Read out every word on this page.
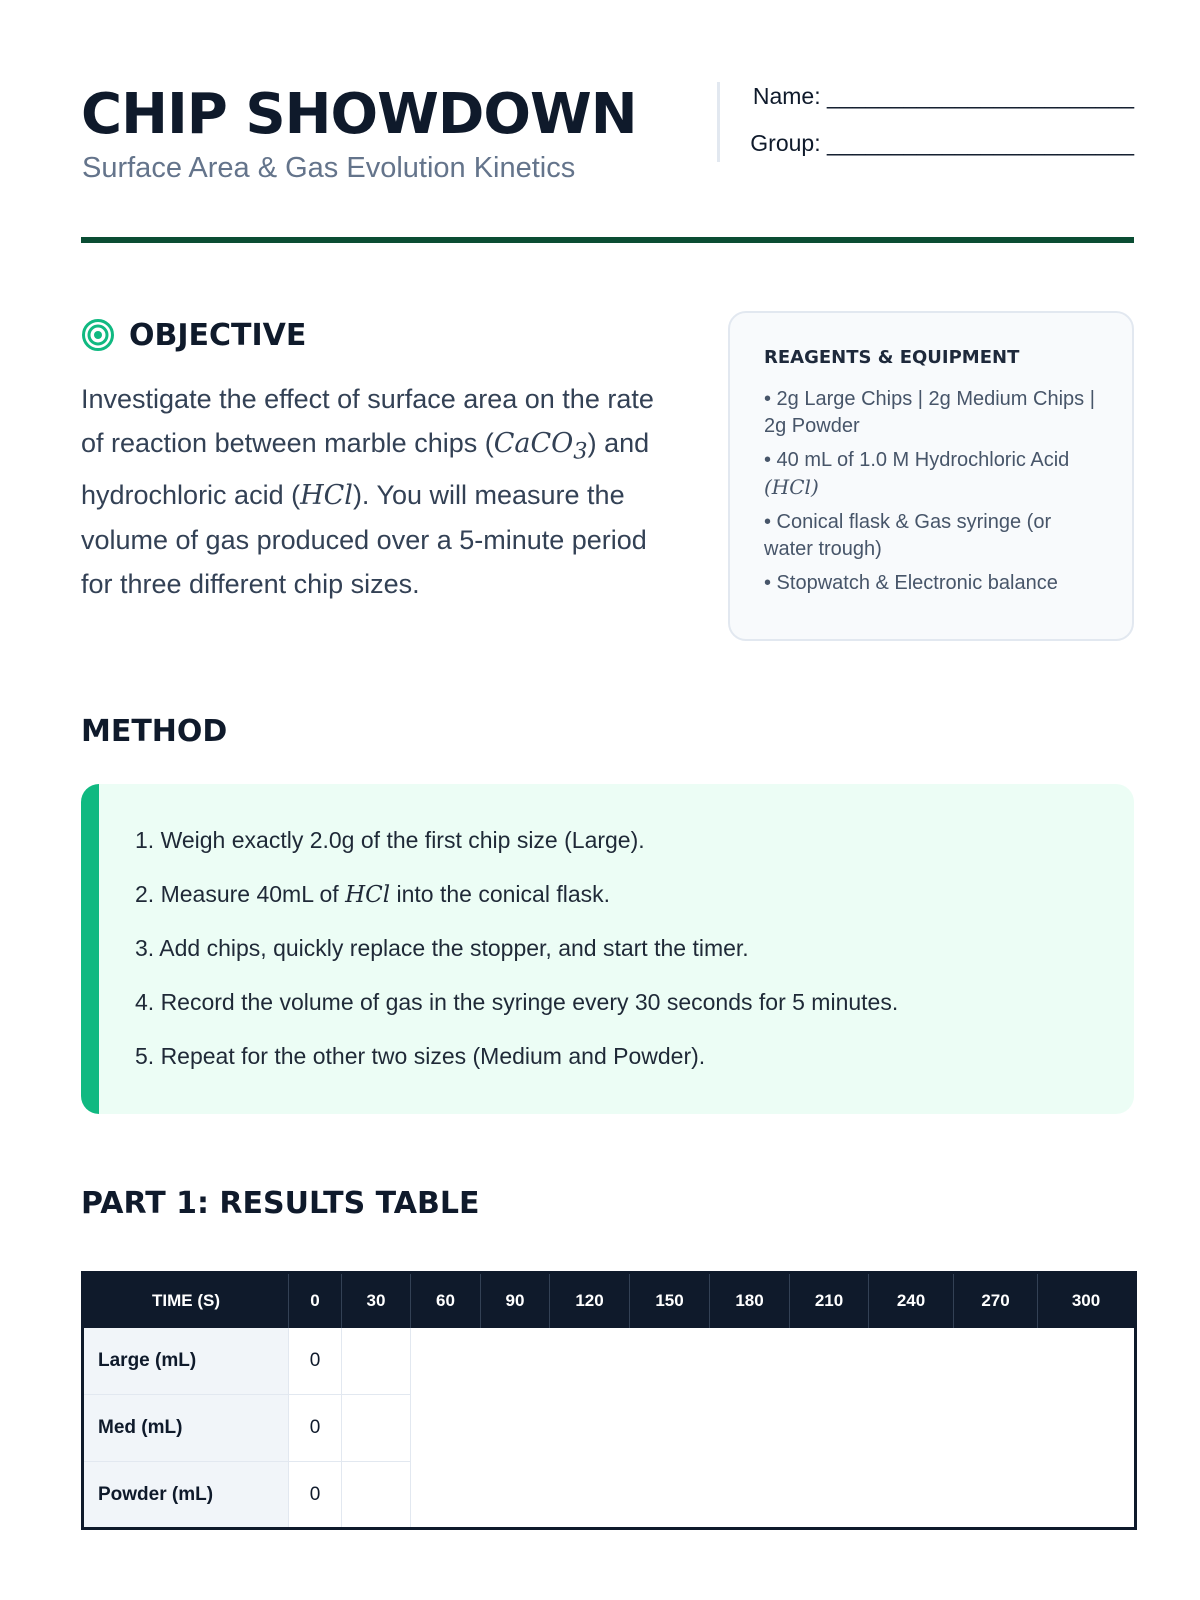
CHIP SHOWDOWN
Surface Area & Gas Evolution Kinetics
Name: ________________________
Group: ________________________
OBJECTIVE

Investigate the effect of surface area on the rate of reaction between marble chips (CaCO$_3$) and hydrochloric acid (HCl). You will measure the volume of gas produced over a 5-minute period for three different chip sizes.

REAGENTS & EQUIPMENT
• 2g Large Chips | 2g Medium Chips | 2g Powder
• 40 mL of 1.0 M Hydrochloric Acid (HCl)
• Conical flask & Gas syringe (or water trough)
• Stopwatch & Electronic balance
METHOD
1. Weigh exactly 2.0g of the first chip size (Large).
2. Measure 40mL of HCl into the conical flask.
3. Add chips, quickly replace the stopper, and start the timer.
4. Record the volume of gas in the syringe every 30 seconds for 5 minutes.
5. Repeat for the other two sizes (Medium and Powder).
PART 1: RESULTS TABLE
TIME (S)	0	30	60	90	120	150	180	210	240	270	300
Large (mL)	0										
Med (mL)	0										
Powder (mL)	0										
